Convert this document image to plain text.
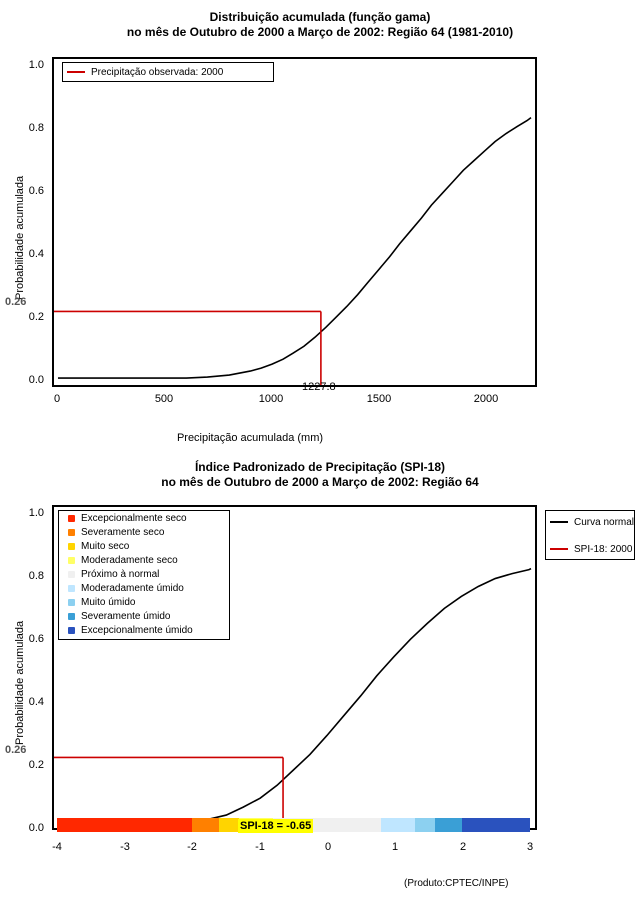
Distribuição acumulada (função gama)
no mês de Outubro de 2000 a Março de 2002: Região 64 (1981-2010)
Probabilidade acumulada
1.0
0.8
0.6
0.4
0.2
0.0
0	500	1000	1500	2000
Precipitação acumulada (mm)
0.26
1227.8
Precipitação observada: 2000
Índice Padronizado de Precipitação (SPI-18)
no mês de Outubro de 2000 a Março de 2002: Região 64
Probabilidade acumulada
1.0
0.8
0.6
0.4
0.2
0.0
-4	-3	-2	-1	0	1	2	3
0.26
Excepcionalmente seco
Severamente seco
Muito seco
Moderadamente seco
Próximo à normal
Moderadamente úmido
Muito úmido
Severamente úmido
Excepcionalmente úmido
Curva normal
SPI-18: 2000
SPI-18 = -0.65
(Produto:CPTEC/INPE)
